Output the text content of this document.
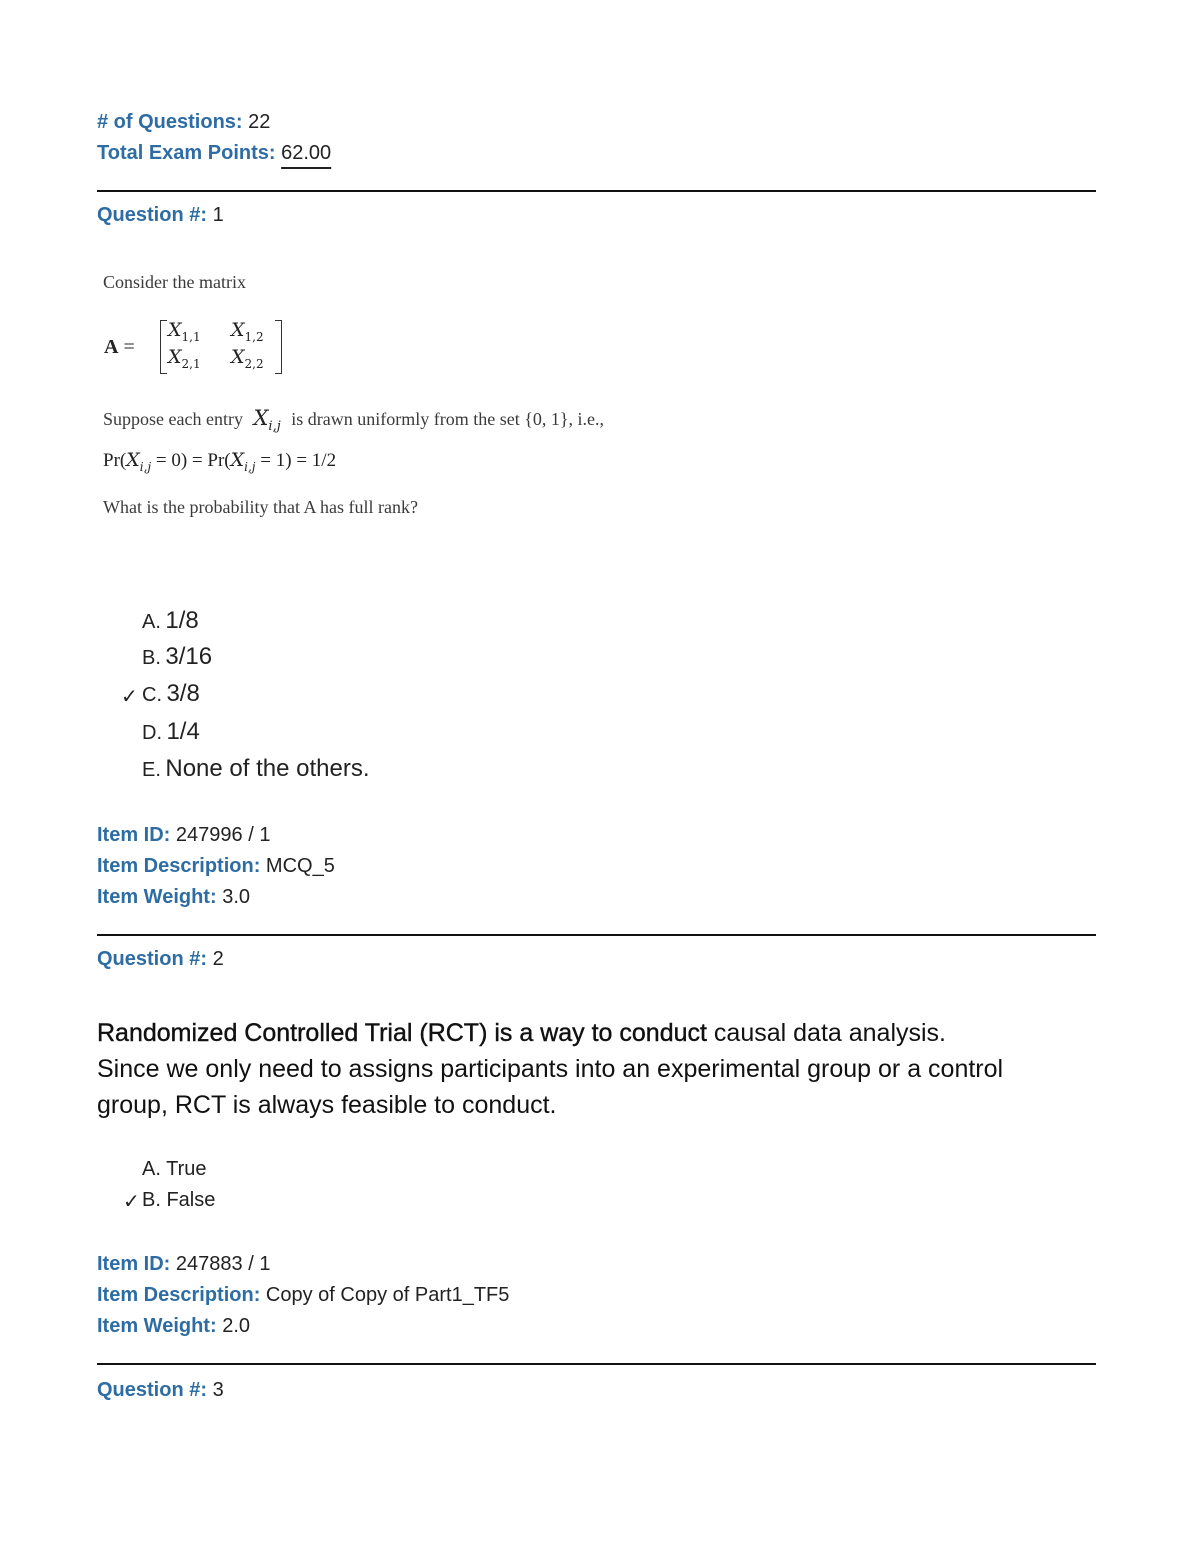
# of Questions: 22
Total Exam Points: 62.00
Question #: 1
Consider the matrix
A =
$X_{1,1}$ $X_{1,2}$
$X_{2,1}$ $X_{2,2}$
Suppose each entry $X_{i,j}$ is drawn uniformly from the set {0, 1}, i.e.,
$Pr(X_{i,j} = 0) = Pr(X_{i,j} = 1) = 1/2$
What is the probability that A has full rank?
A. 1/8
B. 3/16
✓ C. 3/8
D. 1/4
E. None of the others.
Item ID: 247996 / 1
Item Description: MCQ_5
Item Weight: 3.0
Question #: 2
Randomized Controlled Trial (RCT) is a way to conduct causal data analysis.
Since we only need to assigns participants into an experimental group or a control
group, RCT is always feasible to conduct.
A. True
✓ B. False
Item ID: 247883 / 1
Item Description: Copy of Copy of Part1_TF5
Item Weight: 2.0
Question #: 3
